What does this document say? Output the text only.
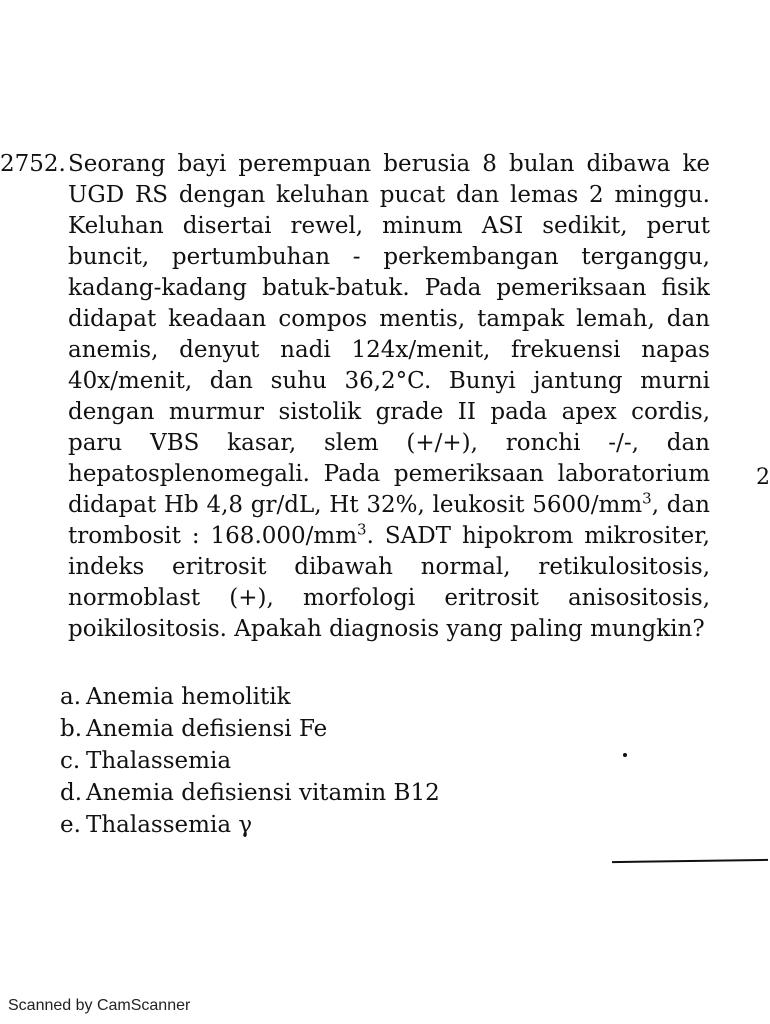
2752. Seorang bayi perempuan berusia 8 bulan dibawa ke UGD RS dengan keluhan pucat dan lemas 2 minggu. Keluhan disertai rewel, minum ASI sedikit, perut buncit, pertumbuhan - perkembangan terganggu, kadang-kadang batuk-batuk. Pada pemeriksaan fisik didapat keadaan compos mentis, tampak lemah, dan anemis, denyut nadi 124x/menit, frekuensi napas 40x/menit, dan suhu 36,2°C. Bunyi jantung murni dengan murmur sistolik grade II pada apex cordis, paru VBS kasar, slem (+/+), ronchi -/-, dan hepatosplenomegali. Pada pemeriksaan laboratorium didapat Hb 4,8 gr/dL, Ht 32%, leukosit $5600/mm^3$, dan trombosit : $168.000/mm^3$. SADT hipokrom mikrositer, indeks eritrosit dibawah normal, retikulositosis, normoblast (+), morfologi eritrosit anisositosis, poikilositosis. Apakah diagnosis yang paling mungkin?
a. Anemia hemolitik
b. Anemia defisiensi Fe
c. Thalassemia
d. Anemia defisiensi vitamin B12
e. Thalassemia γ
2
Scanned by CamScanner
